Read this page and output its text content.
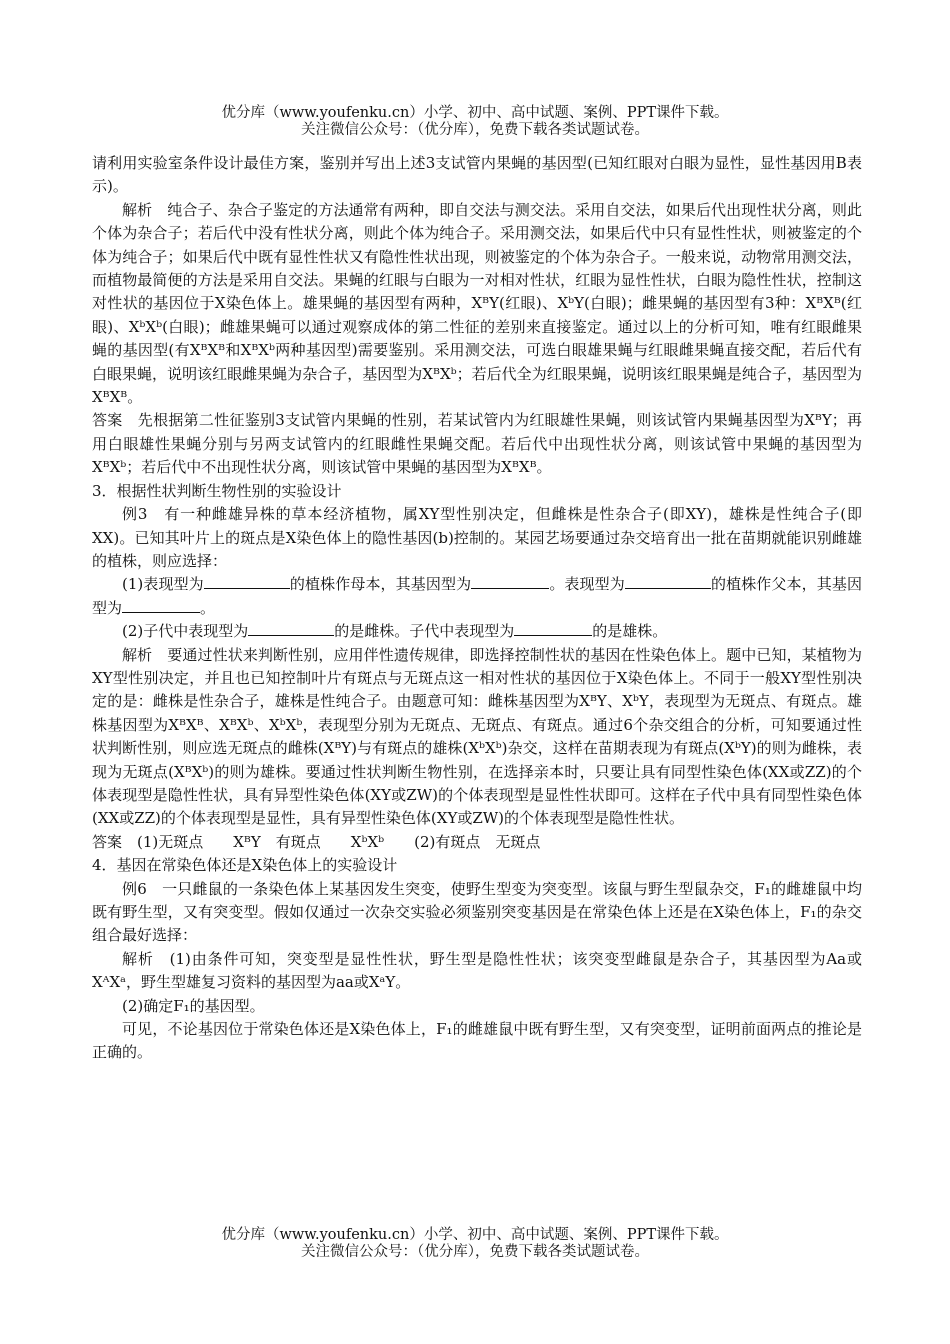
优分库（www.youfenku.cn）小学、初中、高中试题、案例、PPT课件下载。
关注微信公众号：（优分库），免费下载各类试题试卷。

请利用实验室条件设计最佳方案，鉴别并写出上述3支试管内果蝇的基因型(已知红眼对白眼为显性，显性基因用B表示)。

解析　纯合子、杂合子鉴定的方法通常有两种，即自交法与测交法。采用自交法，如果后代出现性状分离，则此个体为杂合子；若后代中没有性状分离，则此个体为纯合子。采用测交法，如果后代中只有显性性状，则被鉴定的个体为纯合子；如果后代中既有显性性状又有隐性性状出现，则被鉴定的个体为杂合子。一般来说，动物常用测交法，而植物最简便的方法是采用自交法。果蝇的红眼与白眼为一对相对性状，红眼为显性性状，白眼为隐性性状，控制这对性状的基因位于X染色体上。雄果蝇的基因型有两种，XᴮY(红眼)、XᵇY(白眼)；雌果蝇的基因型有3种：XᴮXᴮ(红眼)、XᵇXᵇ(白眼)；雌雄果蝇可以通过观察成体的第二性征的差别来直接鉴定。通过以上的分析可知，唯有红眼雌果蝇的基因型(有XᴮXᴮ和XᴮXᵇ两种基因型)需要鉴别。采用测交法，可选白眼雄果蝇与红眼雌果蝇直接交配，若后代有白眼果蝇，说明该红眼雌果蝇为杂合子，基因型为XᴮXᵇ；若后代全为红眼果蝇，说明该红眼果蝇是纯合子，基因型为XᴮXᴮ。

答案　先根据第二性征鉴别3支试管内果蝇的性别，若某试管内为红眼雄性果蝇，则该试管内果蝇基因型为XᴮY；再用白眼雄性果蝇分别与另两支试管内的红眼雌性果蝇交配。若后代中出现性状分离，则该试管中果蝇的基因型为XᴮXᵇ；若后代中不出现性状分离，则该试管中果蝇的基因型为XᴮXᴮ。

3．根据性状判断生物性别的实验设计

例3　有一种雌雄异株的草本经济植物，属XY型性别决定，但雌株是性杂合子(即XY)，雄株是性纯合子(即XX)。已知其叶片上的斑点是X染色体上的隐性基因(b)控制的。某园艺场要通过杂交培育出一批在苗期就能识别雌雄的植株，则应选择：

(1)表现型为	的植株作母本，其基因型为	。表现型为	的植株作父本，其基因型为	。

(2)子代中表现型为	的是雌株。子代中表现型为	的是雄株。

解析　要通过性状来判断性别，应用伴性遗传规律，即选择控制性状的基因在性染色体上。题中已知，某植物为XY型性别决定，并且也已知控制叶片有斑点与无斑点这一相对性状的基因位于X染色体上。不同于一般XY型性别决定的是：雌株是性杂合子，雄株是性纯合子。由题意可知：雌株基因型为XᴮY、XᵇY，表现型为无斑点、有斑点。雄株基因型为XᴮXᴮ、XᴮXᵇ、XᵇXᵇ，表现型分别为无斑点、无斑点、有斑点。通过6个杂交组合的分析，可知要通过性状判断性别，则应选无斑点的雌株(XᴮY)与有斑点的雄株(XᵇXᵇ)杂交，这样在苗期表现为有斑点(XᵇY)的则为雌株，表现为无斑点(XᴮXᵇ)的则为雄株。要通过性状判断生物性别，在选择亲本时，只要让具有同型性染色体(XX或ZZ)的个体表现型是隐性性状，具有异型性染色体(XY或ZW)的个体表现型是显性性状即可。这样在子代中具有同型性染色体(XX或ZZ)的个体表现型是显性，具有异型性染色体(XY或ZW)的个体表现型是隐性性状。

答案　(1)无斑点　　XᴮY　有斑点　　XᵇXᵇ　　(2)有斑点　无斑点

4．基因在常染色体还是X染色体上的实验设计

例6　一只雌鼠的一条染色体上某基因发生突变，使野生型变为突变型。该鼠与野生型鼠杂交，F₁的雌雄鼠中均既有野生型，又有突变型。假如仅通过一次杂交实验必须鉴别突变基因是在常染色体上还是在X染色体上，F₁的杂交组合最好选择：

解析　(1)由条件可知，突变型是显性性状，野生型是隐性性状；该突变型雌鼠是杂合子，其基因型为Aa或XᴬXᵃ，野生型雄复习资料的基因型为aa或XᵃY。

(2)确定F₁的基因型。

可见，不论基因位于常染色体还是X染色体上，F₁的雌雄鼠中既有野生型，又有突变型，证明前面两点的推论是正确的。

优分库（www.youfenku.cn）小学、初中、高中试题、案例、PPT课件下载。
关注微信公众号：（优分库），免费下载各类试题试卷。
